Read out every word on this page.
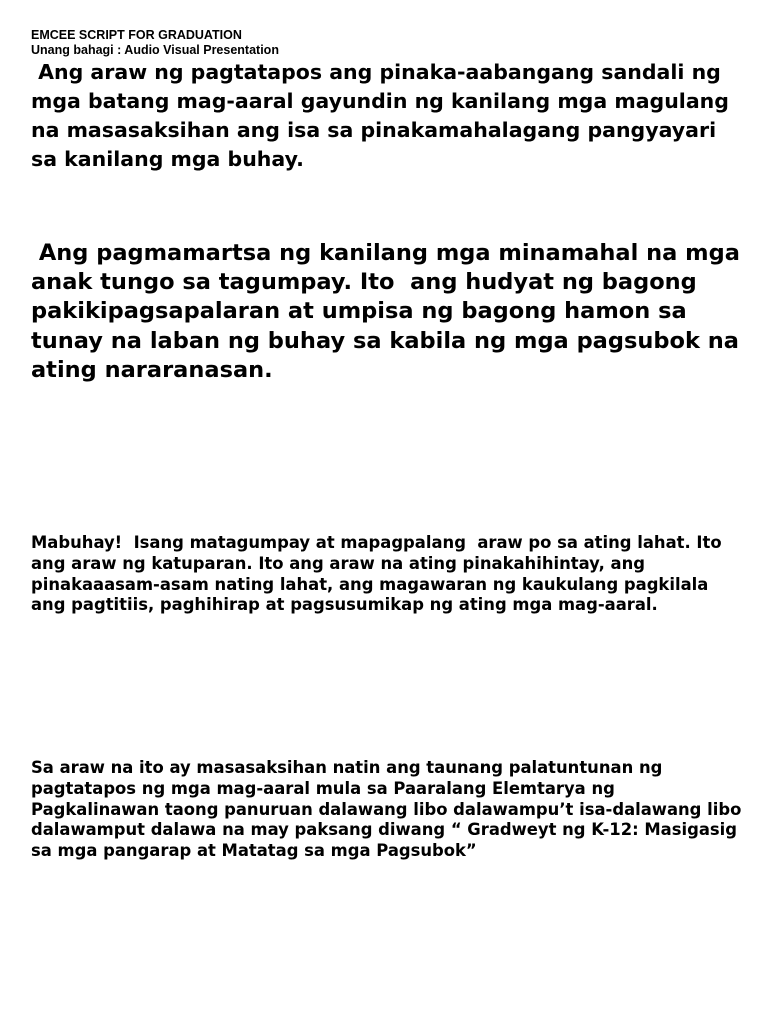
EMCEE SCRIPT FOR GRADUATION
Unang bahagi : Audio Visual Presentation

Ang araw ng pagtatapos ang pinaka-aabangang sandali ng mga batang mag-aaral gayundin ng kanilang mga magulang na masasaksihan ang isa sa pinakamahalagang pangyayari sa kanilang mga buhay.

Ang pagmamartsa ng kanilang mga minamahal na mga anak tungo sa tagumpay. Ito  ang hudyat ng bagong pakikipagsapalaran at umpisa ng bagong hamon sa tunay na laban ng buhay sa kabila ng mga pagsubok na ating nararanasan.

Mabuhay!  Isang matagumpay at mapagpalang  araw po sa ating lahat. Ito ang araw ng katuparan. Ito ang araw na ating pinakahihintay, ang pinakaaasam-asam nating lahat, ang magawaran ng kaukulang pagkilala ang pagtitiis, paghihirap at pagsusumikap ng ating mga mag-aaral.

Sa araw na ito ay masasaksihan natin ang taunang palatuntunan ng pagtatapos ng mga mag-aaral mula sa Paaralang Elemtarya ng Pagkalinawan taong panuruan dalawang libo dalawampu’t isa-dalawang libo dalawamput dalawa na may paksang diwang “ Gradweyt ng K-12: Masigasig sa mga pangarap at Matatag sa mga Pagsubok”
